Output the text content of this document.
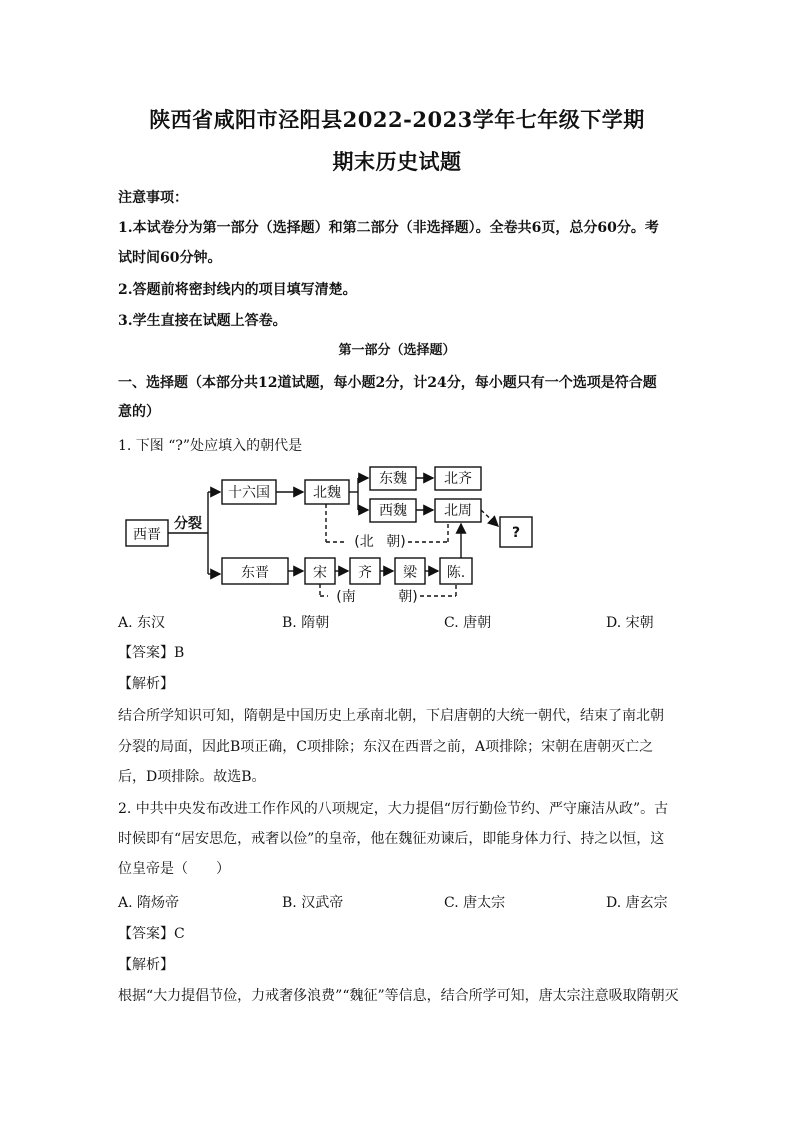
陕西省咸阳市泾阳县2022-2023学年七年级下学期
期末历史试题
注意事项：
1.本试卷分为第一部分（选择题）和第二部分（非选择题）。全卷共6页，总分60分。考
试时间60分钟。
2.答题前将密封线内的项目填写清楚。
3.学生直接在试题上答卷。
第一部分（选择题）
一、选择题（本部分共12道试题，每小题2分，计24分，每小题只有一个选项是符合题
意的）
1. 下图 “?”处应填入的朝代是
西晋
分裂
十六国	北魏
东魏
西魏
北齐
北周
?
(北 朝)
东晋	宋 齐 梁 陈.
(南	朝)
A. 东汉	B. 隋朝	C. 唐朝	D. 宋朝
【答案】B
【解析】
结合所学知识可知，隋朝是中国历史上承南北朝，下启唐朝的大统一朝代，结束了南北朝
分裂的局面，因此B项正确，C项排除；东汉在西晋之前，A项排除；宋朝在唐朝灭亡之
后，D项排除。故选B。
2. 中共中央发布改进工作作风的八项规定，大力提倡“厉行勤俭节约、严守廉洁从政”。古
时候即有“居安思危，戒奢以俭”的皇帝，他在魏征劝谏后，即能身体力行、持之以恒，这
位皇帝是（　　）
A. 隋炀帝	B. 汉武帝	C. 唐太宗	D. 唐玄宗
【答案】C
【解析】
根据“大力提倡节俭，力戒奢侈浪费”“魏征”等信息，结合所学可知，唐太宗注意吸取隋朝灭
